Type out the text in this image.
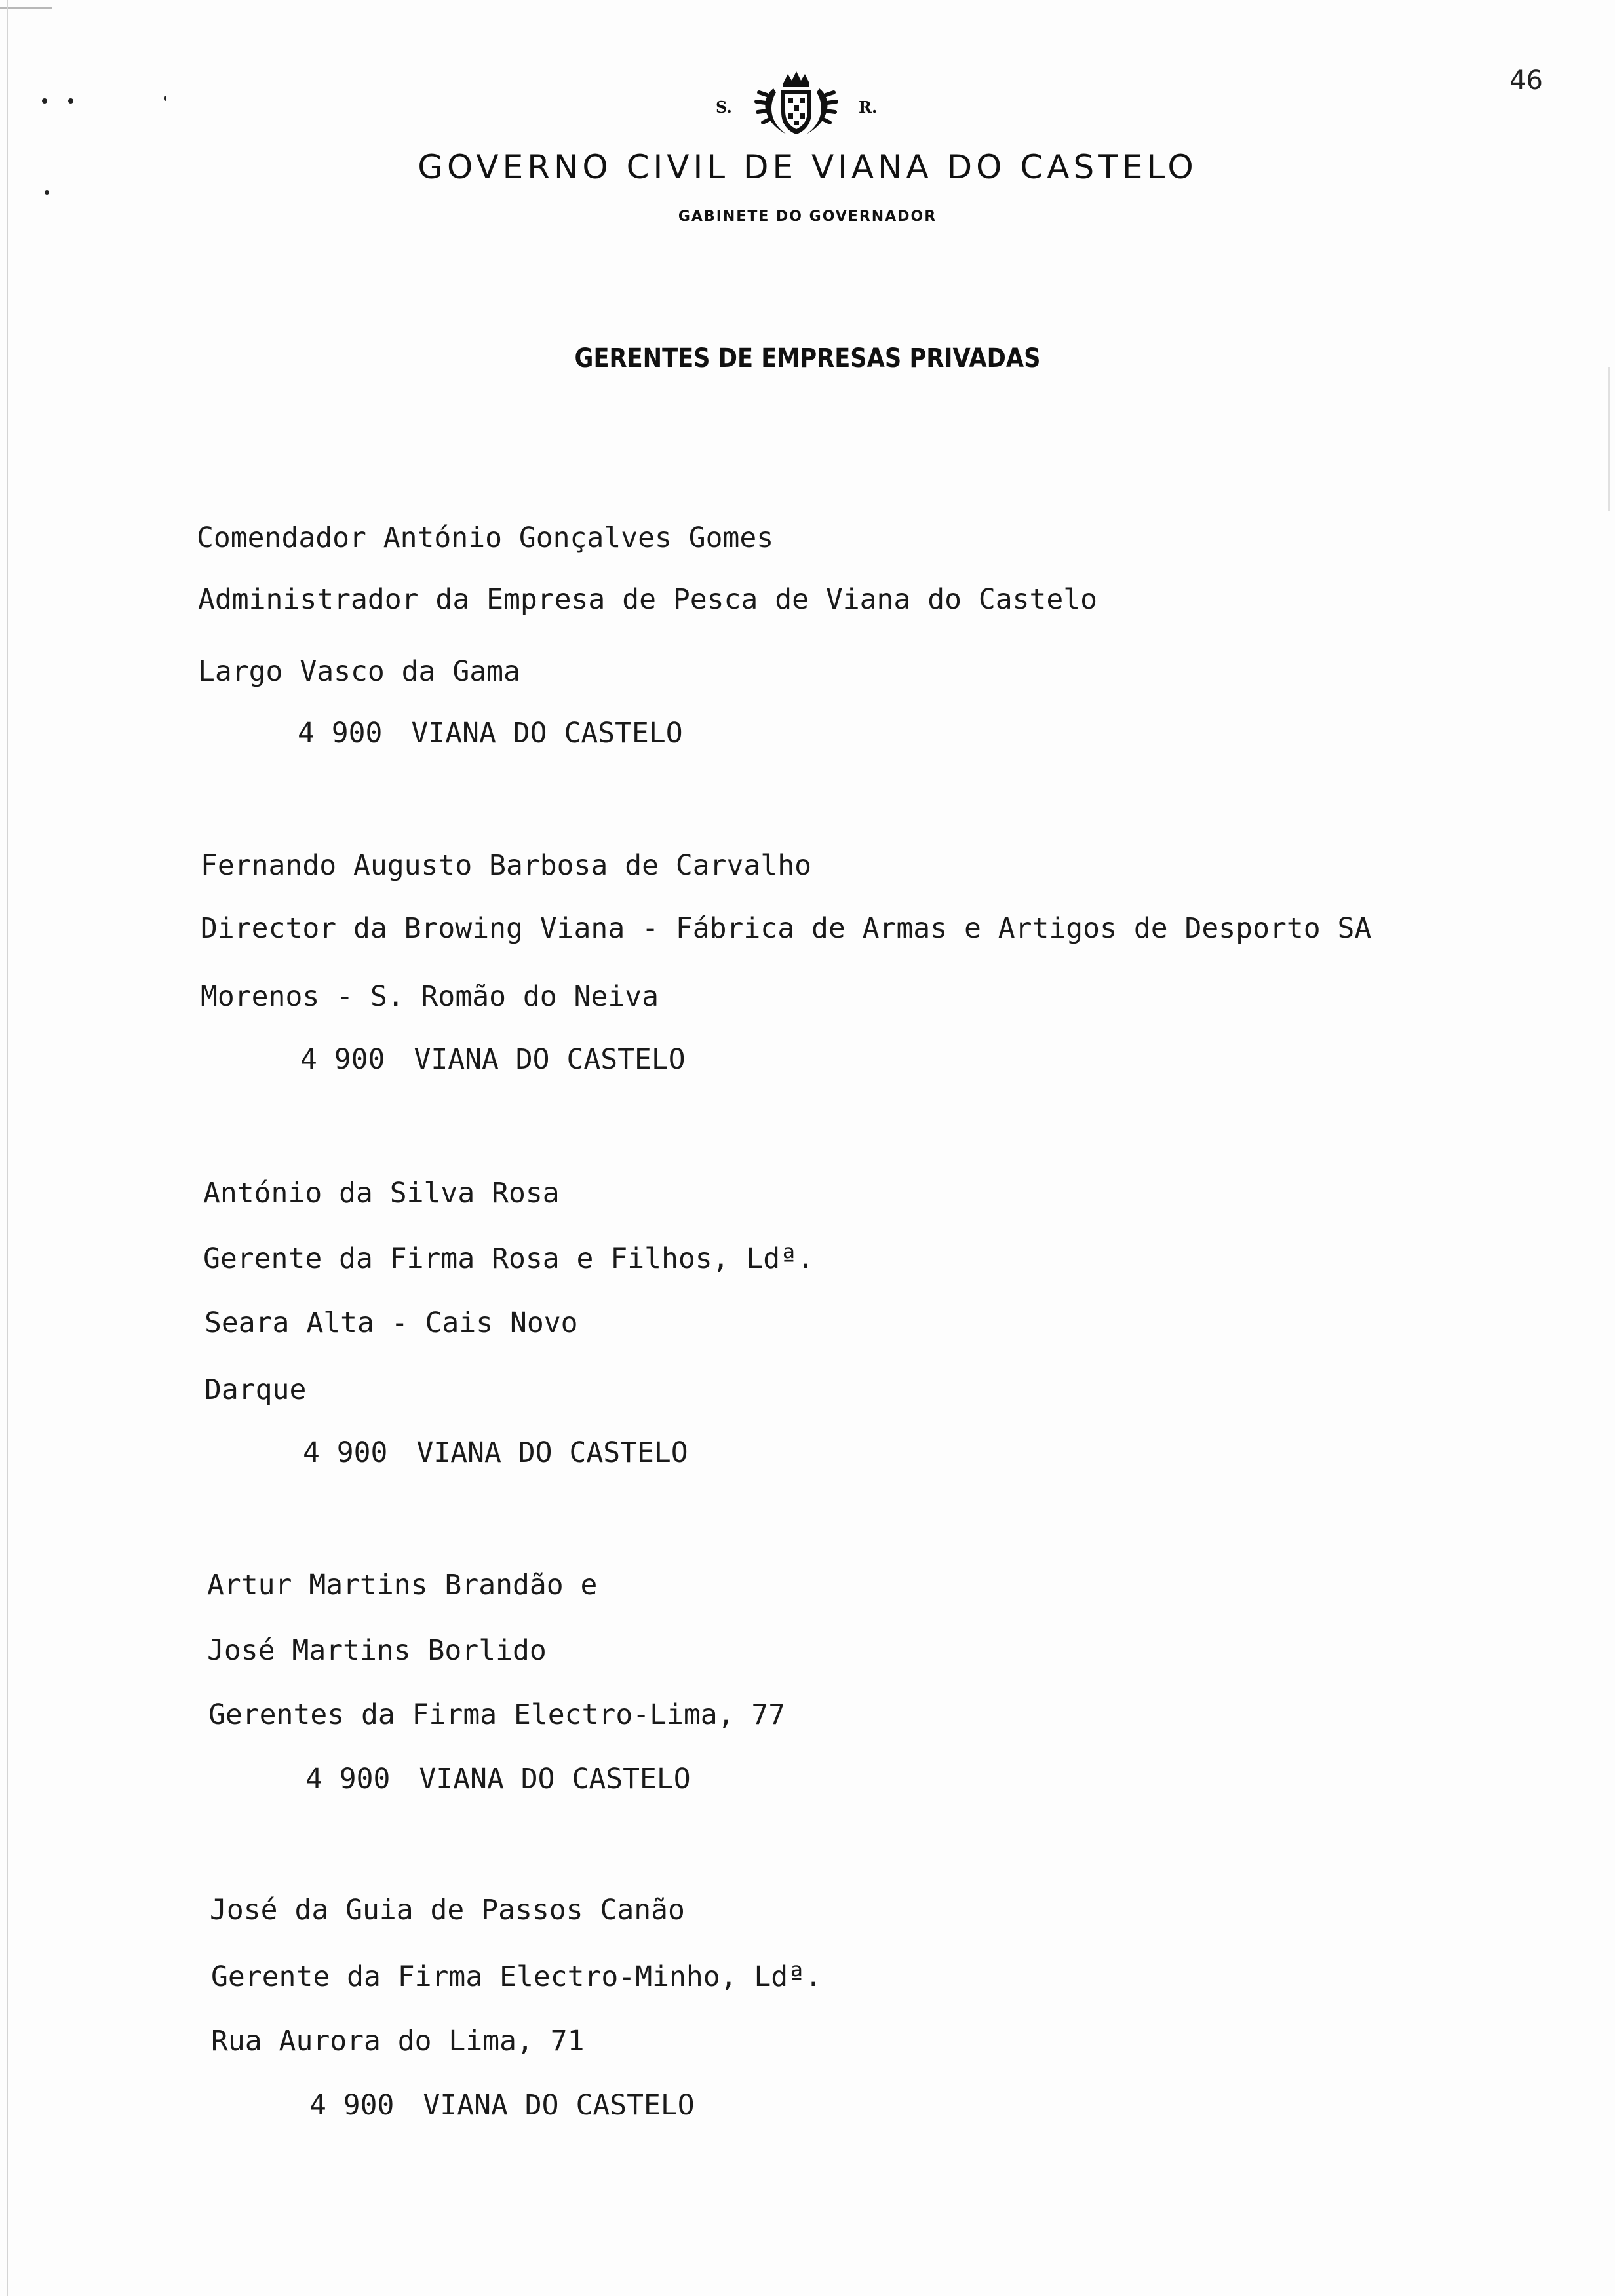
46
S.	R.
GOVERNO CIVIL DE VIANA DO CASTELO
GABINETE DO GOVERNADOR
GERENTES DE EMPRESAS PRIVADAS
Comendador António Gonçalves Gomes
Administrador da Empresa de Pesca de Viana do Castelo
Largo Vasco da Gama
4 900 VIANA DO CASTELO
Fernando Augusto Barbosa de Carvalho
Director da Browing Viana - Fábrica de Armas e Artigos de Desporto SA
Morenos - S. Romão do Neiva
4 900 VIANA DO CASTELO
António da Silva Rosa
Gerente da Firma Rosa e Filhos, Ldª.
Seara Alta - Cais Novo
Darque
4 900 VIANA DO CASTELO
Artur Martins Brandão e
José Martins Borlido
Gerentes da Firma Electro-Lima, 77
4 900 VIANA DO CASTELO
José da Guia de Passos Canão
Gerente da Firma Electro-Minho, Ldª.
Rua Aurora do Lima, 71
4 900 VIANA DO CASTELO
